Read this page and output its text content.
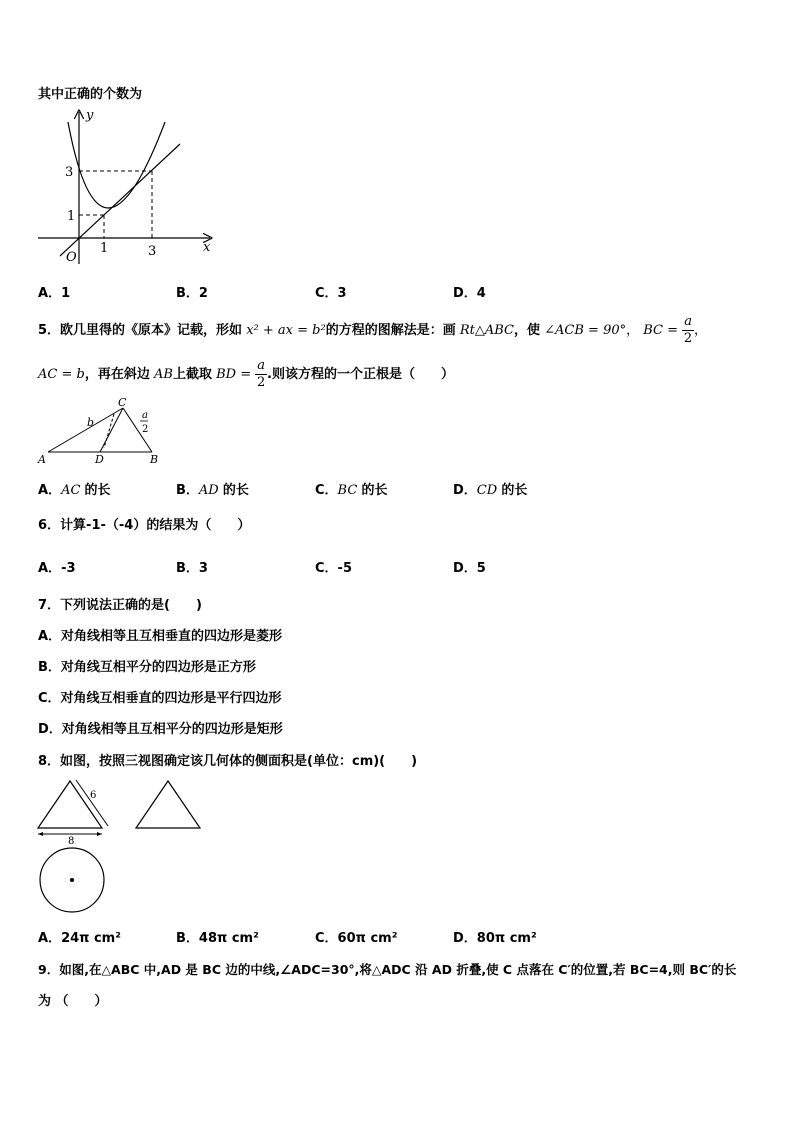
其中正确的个数为
y
x
O
3
1
1	3
A．1	B．2	C．3	D．4
5．欧几里得的《原本》记载，形如 x² + ax = b²的方程的图解法是：画 Rt△ABC，使 ∠ACB = 90°， BC = $\frac{a}{2}$ ，
AC = b，再在斜边 AB上截取 BD = $\frac{a}{2}$ .则该方程的一个正根是（　　）
A	B
C
D
b
a
2
A．AC 的长	B．AD 的长	C．BC 的长	D．CD 的长
6．计算-1-（-4）的结果为（　　）
A．-3	B．3	C．-5	D．5
7．下列说法正确的是(　　)
A．对角线相等且互相垂直的四边形是菱形
B．对角线互相平分的四边形是正方形
C．对角线互相垂直的四边形是平行四边形
D．对角线相等且互相平分的四边形是矩形
8．如图，按照三视图确定该几何体的侧面积是(单位：cm)(　　)
6
8
A．24π cm²	B．48π cm²	C．60π cm²	D．80π cm²
9．如图,在△ABC 中,AD 是 BC 边的中线,∠ADC=30°,将△ADC 沿 AD 折叠,使 C 点落在 C′的位置,若 BC=4,则 BC′的长
为 （　　）
